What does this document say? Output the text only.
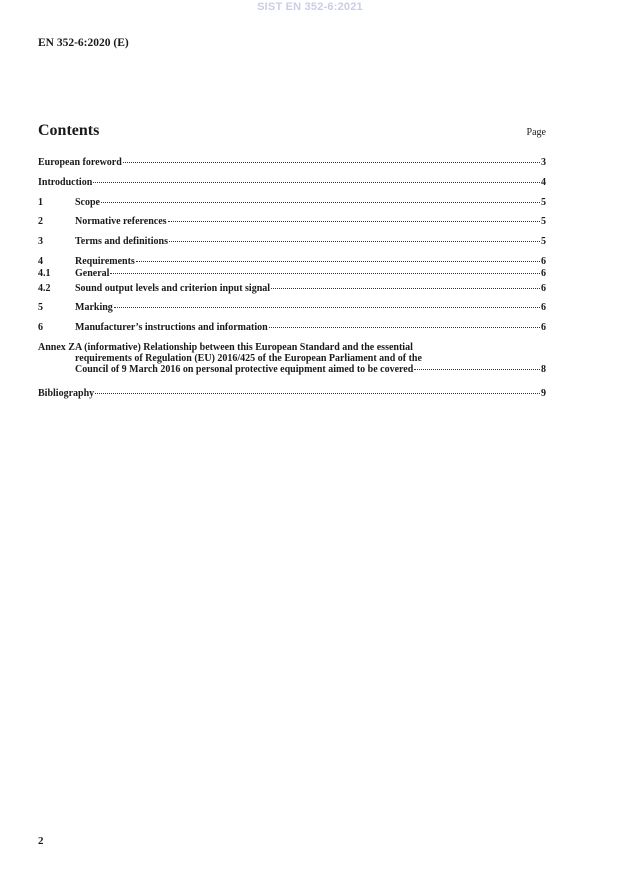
SIST EN 352-6:2021
EN 352-6:2020 (E)
Contents	Page
European foreword	3
Introduction	4
1	Scope	5
2	Normative references	5
3	Terms and definitions	5
4	Requirements	6
4.1	General	6
4.2	Sound output levels and criterion input signal	6
5	Marking	6
6	Manufacturer’s instructions and information	6
Annex ZA (informative) Relationship between this European Standard and the essential
requirements of Regulation (EU) 2016/425 of the European Parliament and of the
Council of 9 March 2016 on personal protective equipment aimed to be covered	8
Bibliography	9
2
